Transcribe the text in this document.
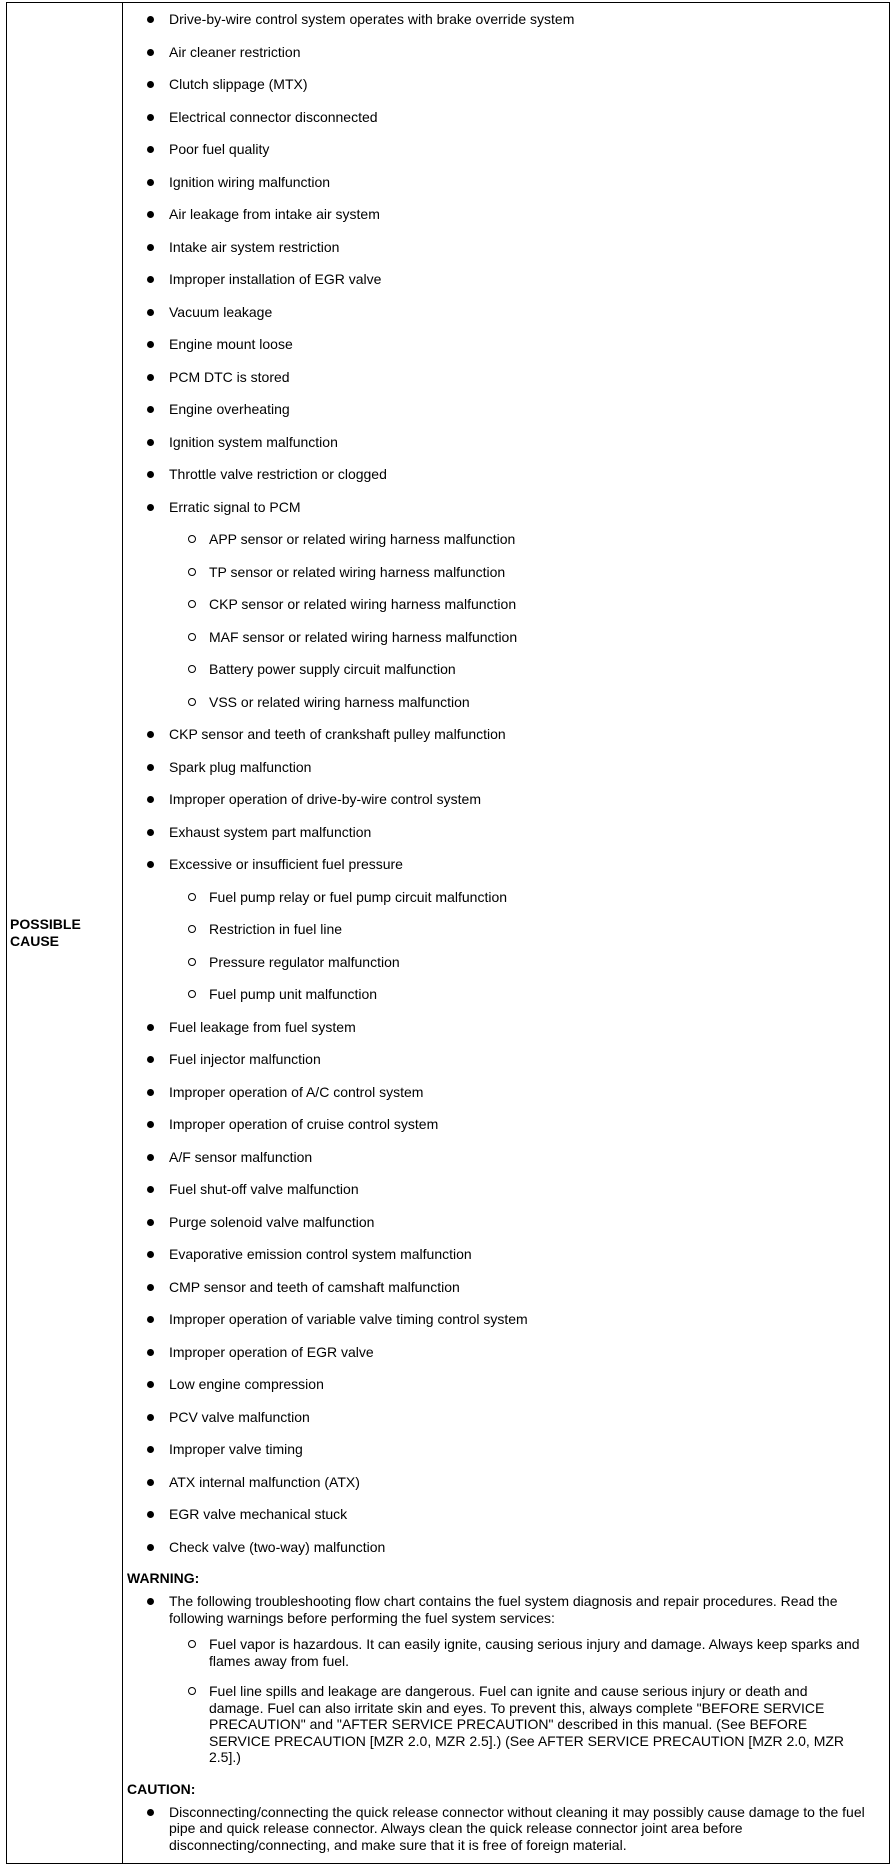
POSSIBLE
CAUSE

Drive-by-wire control system operates with brake override system
Air cleaner restriction
Clutch slippage (MTX)
Electrical connector disconnected
Poor fuel quality
Ignition wiring malfunction
Air leakage from intake air system
Intake air system restriction
Improper installation of EGR valve
Vacuum leakage
Engine mount loose
PCM DTC is stored
Engine overheating
Ignition system malfunction
Throttle valve restriction or clogged
Erratic signal to PCM
APP sensor or related wiring harness malfunction
TP sensor or related wiring harness malfunction
CKP sensor or related wiring harness malfunction
MAF sensor or related wiring harness malfunction
Battery power supply circuit malfunction
VSS or related wiring harness malfunction
CKP sensor and teeth of crankshaft pulley malfunction
Spark plug malfunction
Improper operation of drive-by-wire control system
Exhaust system part malfunction
Excessive or insufficient fuel pressure
Fuel pump relay or fuel pump circuit malfunction
Restriction in fuel line
Pressure regulator malfunction
Fuel pump unit malfunction
Fuel leakage from fuel system
Fuel injector malfunction
Improper operation of A/C control system
Improper operation of cruise control system
A/F sensor malfunction
Fuel shut-off valve malfunction
Purge solenoid valve malfunction
Evaporative emission control system malfunction
CMP sensor and teeth of camshaft malfunction
Improper operation of variable valve timing control system
Improper operation of EGR valve
Low engine compression
PCV valve malfunction
Improper valve timing
ATX internal malfunction (ATX)
EGR valve mechanical stuck
Check valve (two-way) malfunction
WARNING:
The following troubleshooting flow chart contains the fuel system diagnosis and repair procedures. Read the following warnings before performing the fuel system services:
Fuel vapor is hazardous. It can easily ignite, causing serious injury and damage. Always keep sparks and flames away from fuel.
Fuel line spills and leakage are dangerous. Fuel can ignite and cause serious injury or death and damage. Fuel can also irritate skin and eyes. To prevent this, always complete "BEFORE SERVICE PRECAUTION" and "AFTER SERVICE PRECAUTION" described in this manual. (See BEFORE SERVICE PRECAUTION [MZR 2.0, MZR 2.5].) (See AFTER SERVICE PRECAUTION [MZR 2.0, MZR 2.5].)
CAUTION:
Disconnecting/connecting the quick release connector without cleaning it may possibly cause damage to the fuel pipe and quick release connector. Always clean the quick release connector joint area before disconnecting/connecting, and make sure that it is free of foreign material.
